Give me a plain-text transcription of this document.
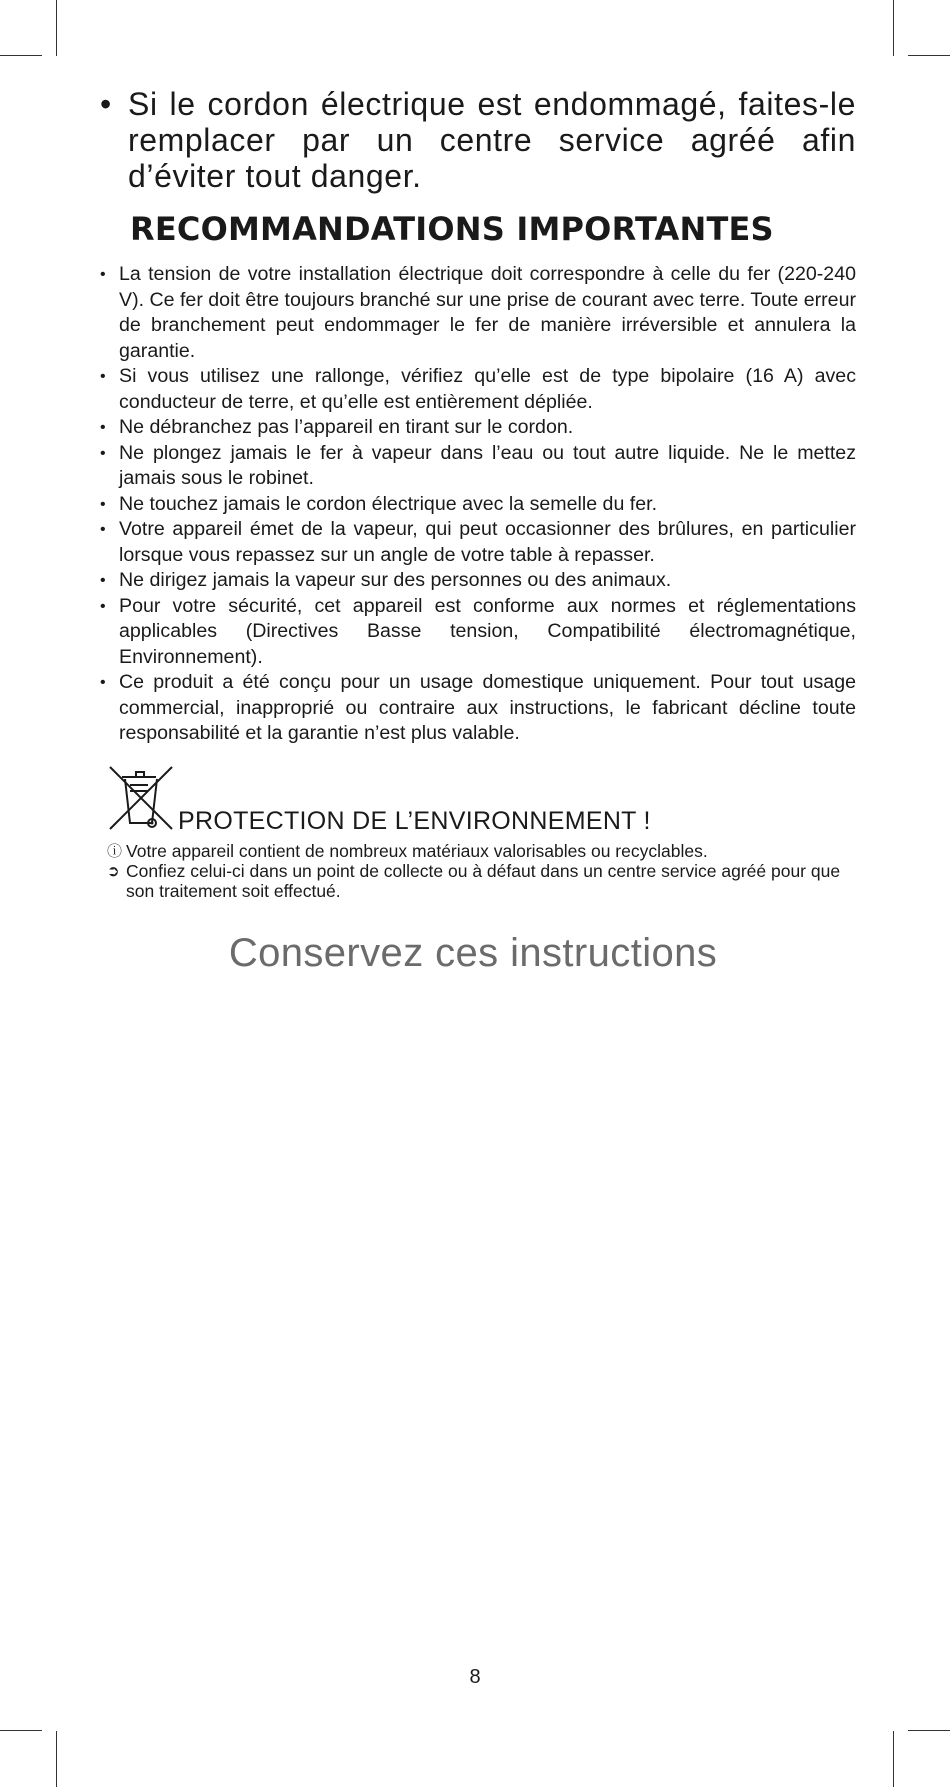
• Si le cordon électrique est endommagé, faites-le remplacer par un centre service agréé afin d’éviter tout danger.

RECOMMANDATIONS IMPORTANTES
• La tension de votre installation électrique doit correspondre à celle du fer (220-240 V). Ce fer doit être toujours branché sur une prise de courant avec terre. Toute erreur de branchement peut endommager le fer de manière irréversible et annulera la garantie.
• Si vous utilisez une rallonge, vérifiez qu’elle est de type bipolaire (16 A) avec conducteur de terre, et qu’elle est entièrement dépliée.
• Ne débranchez pas l’appareil en tirant sur le cordon.
• Ne plongez jamais le fer à vapeur dans l’eau ou tout autre liquide. Ne le mettez jamais sous le robinet.
• Ne touchez jamais le cordon électrique avec la semelle du fer.
• Votre appareil émet de la vapeur, qui peut occasionner des brûlures, en particulier lorsque vous repassez sur un angle de votre table à repasser.
• Ne dirigez jamais la vapeur sur des personnes ou des animaux.
• Pour votre sécurité, cet appareil est conforme aux normes et réglementations applicables (Directives Basse tension, Compatibilité électromagnétique, Environnement).
• Ce produit a été conçu pour un usage domestique uniquement. Pour tout usage commercial, inapproprié ou contraire aux instructions, le fabricant décline toute responsabilité et la garantie n’est plus valable.
PROTECTION DE L’ENVIRONNEMENT !
ⓘ Votre appareil contient de nombreux matériaux valorisables ou recyclables.
➲ Confiez celui-ci dans un point de collecte ou à défaut dans un centre service agréé pour que son traitement soit effectué.
Conservez ces instructions
8
